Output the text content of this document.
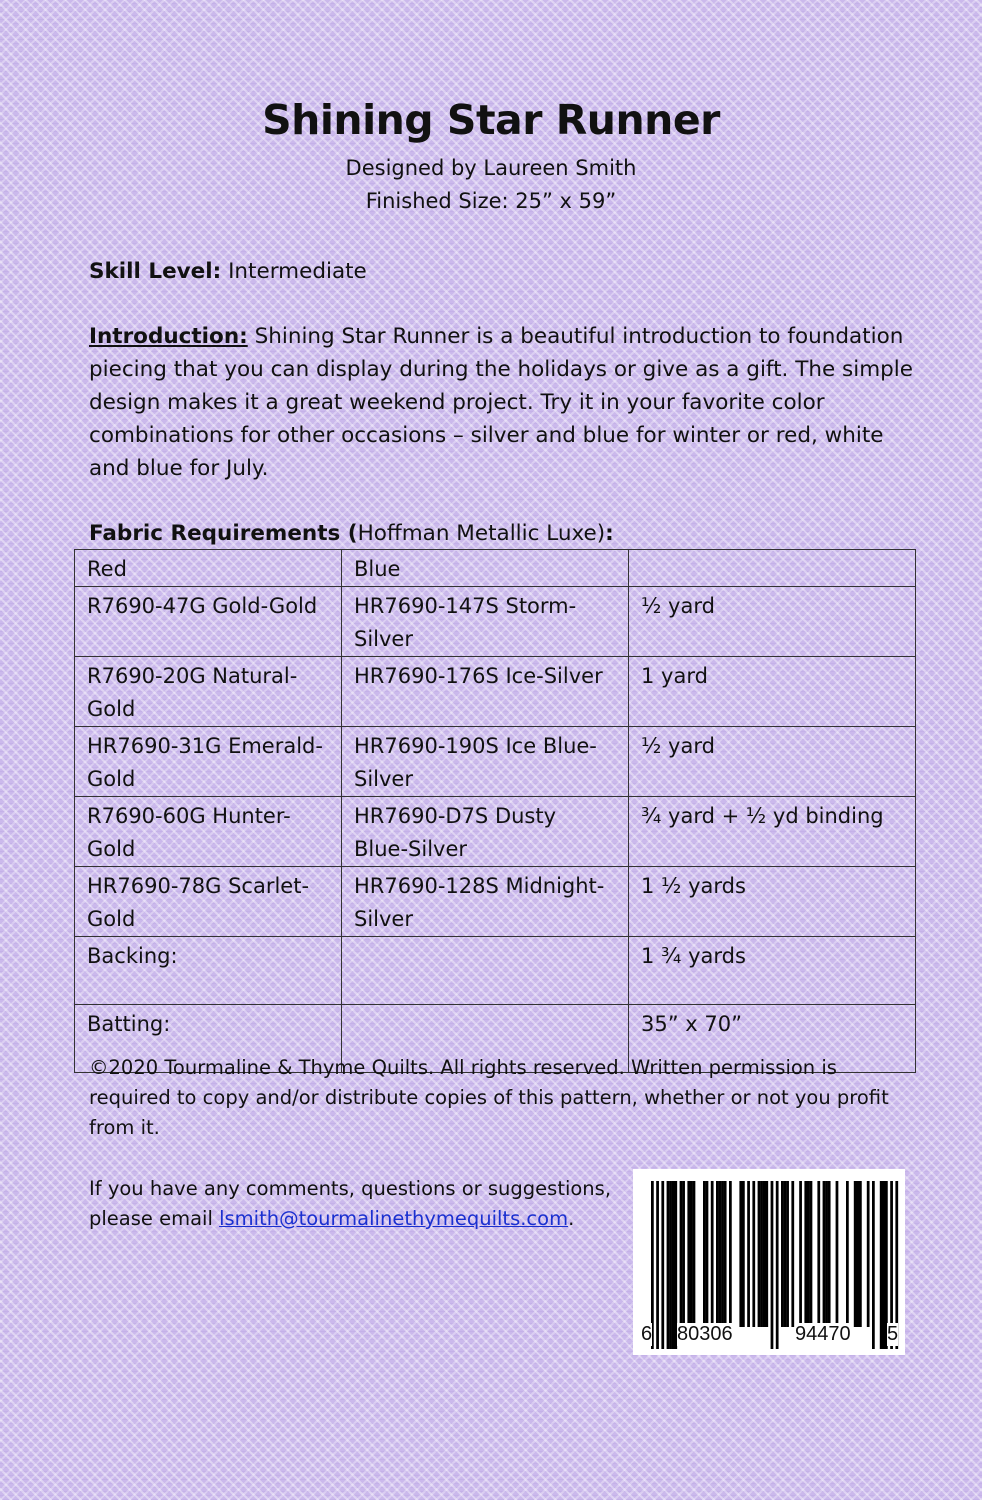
Shining Star Runner
Designed by Laureen Smith
Finished Size: 25” x 59”
Skill Level: Intermediate
Introduction: Shining Star Runner is a beautiful introduction to foundation piecing that you can display during the holidays or give as a gift. The simple design makes it a great weekend project. Try it in your favorite color combinations for other occasions – silver and blue for winter or red, white and blue for July.
Fabric Requirements (Hoffman Metallic Luxe):
Red	Blue	
R7690-47G Gold-Gold	HR7690-147S Storm-Silver	½ yard
R7690-20G Natural-Gold	HR7690-176S Ice-Silver	1 yard
HR7690-31G Emerald-Gold	HR7690-190S Ice Blue-Silver	½ yard
R7690-60G Hunter-Gold	HR7690-D7S Dusty Blue-Silver	¾ yard + ½ yd binding
HR7690-78G Scarlet-Gold	HR7690-128S Midnight-Silver	1 ½ yards
Backing:		1 ¾ yards
Batting:		35” x 70”
©2020 Tourmaline & Thyme Quilts. All rights reserved. Written permission is required to copy and/or distribute copies of this pattern, whether or not you profit from it.
If you have any comments, questions or suggestions, please email lsmith@tourmalinethymequilts.com.
6 80306	94470 5
